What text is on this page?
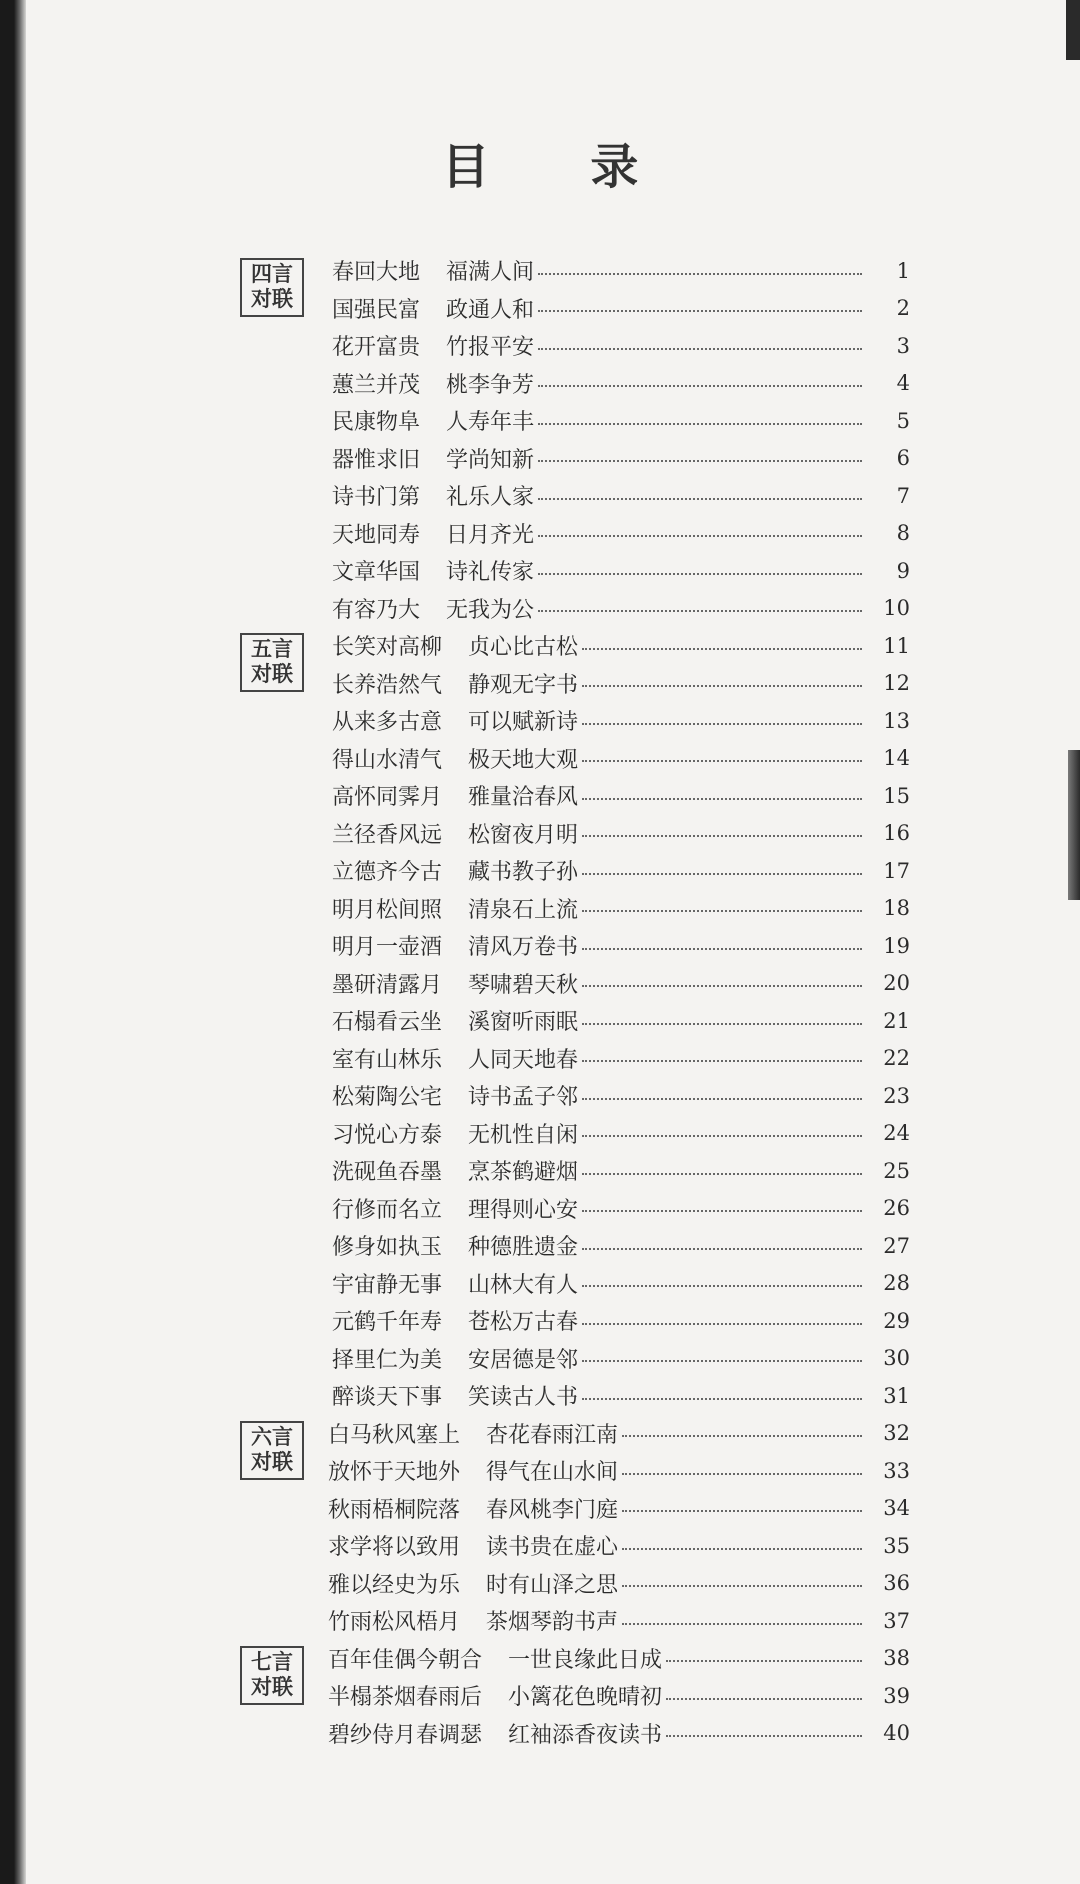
目 录
四言
对联
春回大地 福满人间	1
国强民富 政通人和	2
花开富贵 竹报平安	3
蕙兰并茂 桃李争芳	4
民康物阜 人寿年丰	5
器惟求旧 学尚知新	6
诗书门第 礼乐人家	7
天地同寿 日月齐光	8
文章华国 诗礼传家	9
有容乃大 无我为公	10
五言
对联
长笑对高柳 贞心比古松	11
长养浩然气 静观无字书	12
从来多古意 可以赋新诗	13
得山水清气 极天地大观	14
高怀同霁月 雅量洽春风	15
兰径香风远 松窗夜月明	16
立德齐今古 藏书教子孙	17
明月松间照 清泉石上流	18
明月一壶酒 清风万卷书	19
墨研清露月 琴啸碧天秋	20
石榻看云坐 溪窗听雨眠	21
室有山林乐 人同天地春	22
松菊陶公宅 诗书孟子邻	23
习悦心方泰 无机性自闲	24
洗砚鱼吞墨 烹茶鹤避烟	25
行修而名立 理得则心安	26
修身如执玉 种德胜遗金	27
宇宙静无事 山林大有人	28
元鹤千年寿 苍松万古春	29
择里仁为美 安居德是邻	30
醉谈天下事 笑读古人书	31
六言
对联
白马秋风塞上 杏花春雨江南	32
放怀于天地外 得气在山水间	33
秋雨梧桐院落 春风桃李门庭	34
求学将以致用 读书贵在虚心	35
雅以经史为乐 时有山泽之思	36
竹雨松风梧月 茶烟琴韵书声	37
七言
对联
百年佳偶今朝合 一世良缘此日成	38
半榻茶烟春雨后 小篱花色晚晴初	39
碧纱侍月春调瑟 红袖添香夜读书	40
